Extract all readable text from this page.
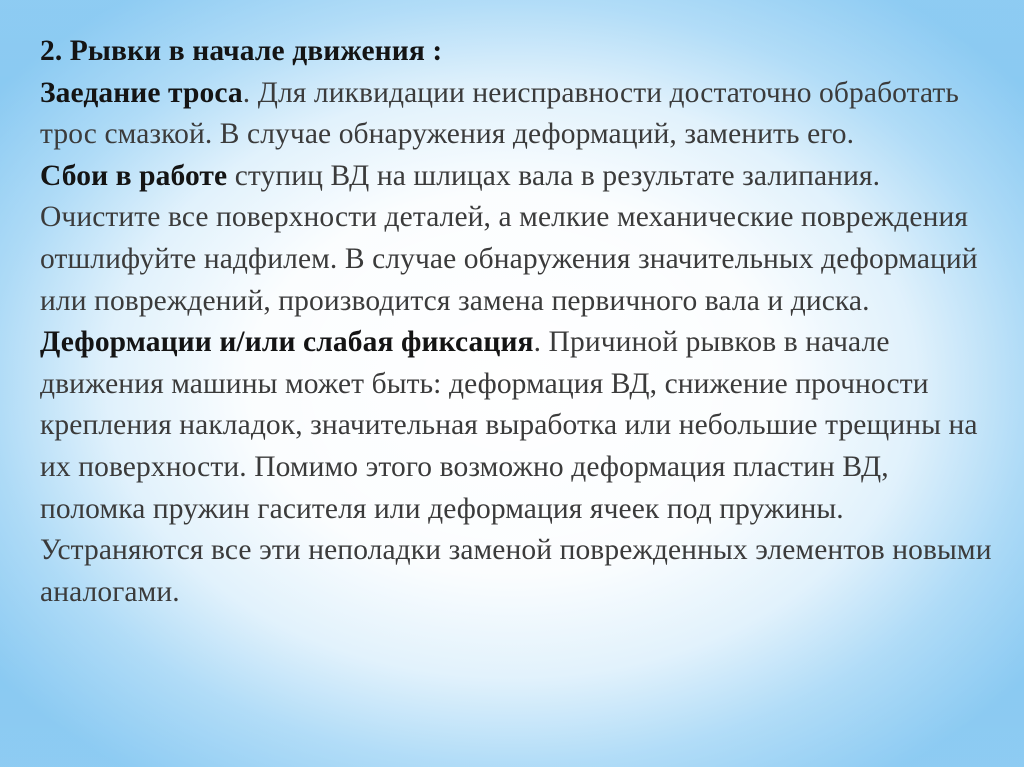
2. Рывки в начале движения :

Заедание троса. Для ликвидации неисправности достаточно обработать трос смазкой. В случае обнаружения деформаций, заменить его.

Сбои в работе ступиц ВД на шлицах вала в результате залипания. Очистите все поверхности деталей, а мелкие механические повреждения отшлифуйте надфилем. В случае обнаружения значительных деформаций или повреждений, производится замена первичного вала и диска.

Деформации и/или слабая фиксация. Причиной рывков в начале движения машины может быть: деформация ВД, снижение прочности крепления накладок, значительная выработка или небольшие трещины на их поверхности. Помимо этого возможно деформация пластин ВД, поломка пружин гасителя или деформация ячеек под пружины. Устраняются все эти неполадки заменой поврежденных элементов новыми аналогами.
